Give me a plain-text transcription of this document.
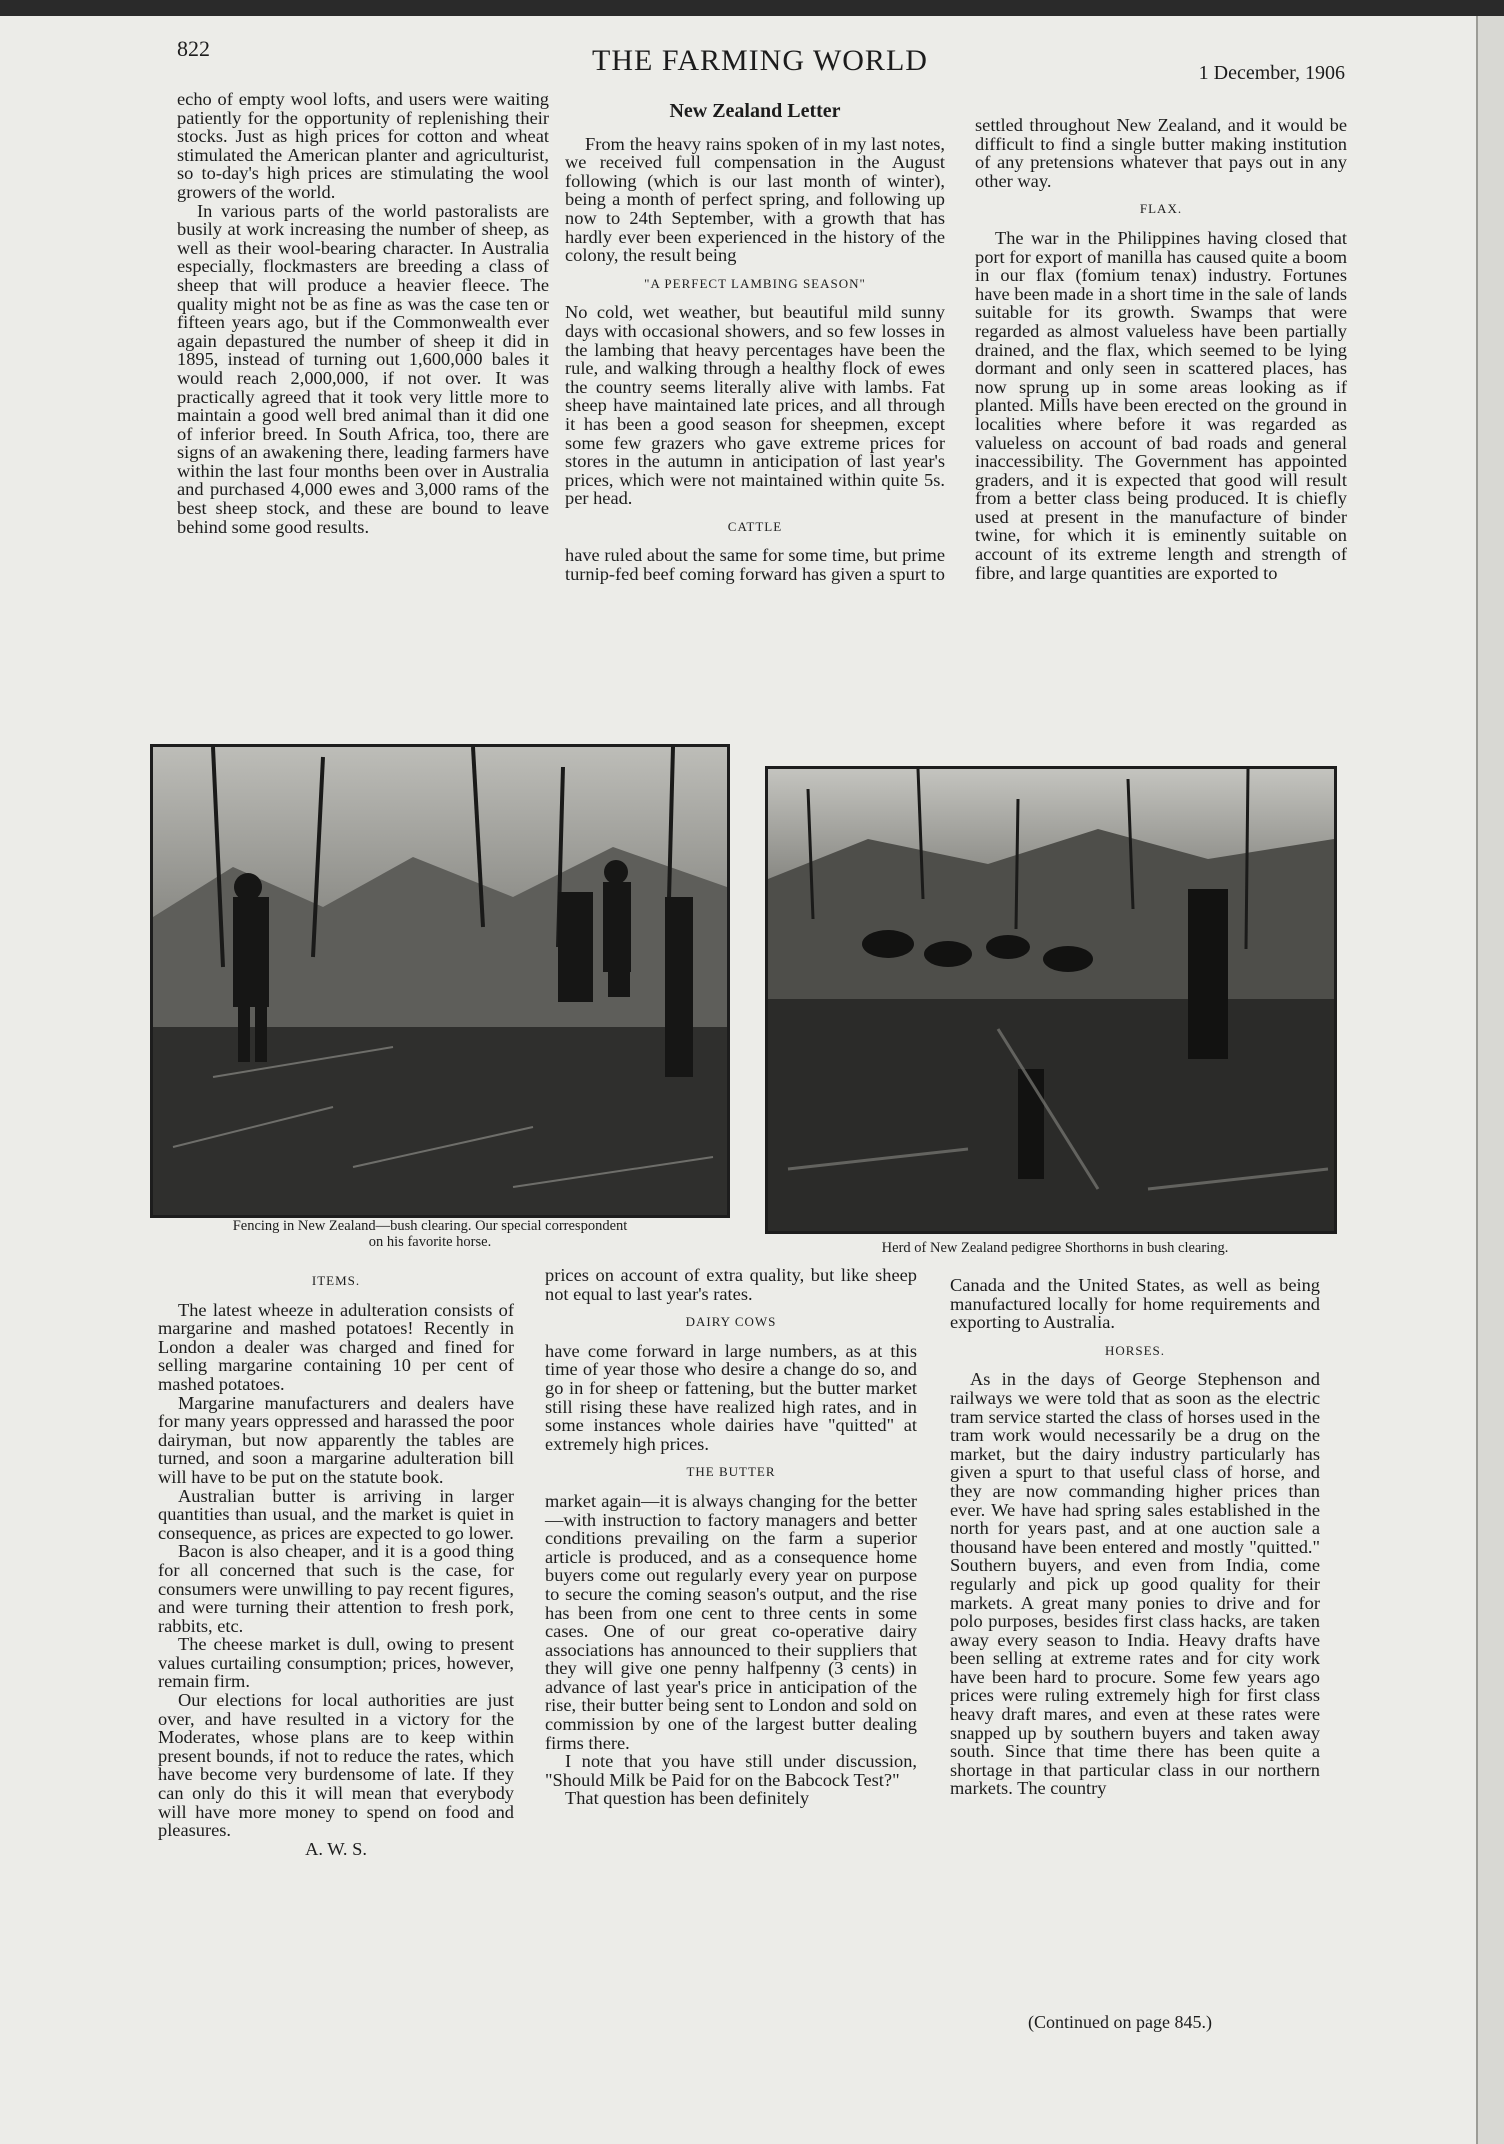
822	THE FARMING WORLD	1 December, 1906

echo of empty wool lofts, and users were waiting patiently for the opportunity of replenishing their stocks. Just as high prices for cotton and wheat stimulated the American planter and agriculturist, so to-day's high prices are stimulating the wool growers of the world.

In various parts of the world pastoralists are busily at work increasing the number of sheep, as well as their wool-bearing character. In Australia especially, flockmasters are breeding a class of sheep that will produce a heavier fleece. The quality might not be as fine as was the case ten or fifteen years ago, but if the Commonwealth ever again depastured the number of sheep it did in 1895, instead of turning out 1,600,000 bales it would reach 2,000,000, if not over. It was practically agreed that it took very little more to maintain a good well bred animal than it did one of inferior breed. In South Africa, too, there are signs of an awakening there, leading farmers have within the last four months been over in Australia and purchased 4,000 ewes and 3,000 rams of the best sheep stock, and these are bound to leave behind some good results.

New Zealand Letter

From the heavy rains spoken of in my last notes, we received full compensation in the August following (which is our last month of winter), being a month of perfect spring, and following up now to 24th September, with a growth that has hardly ever been experienced in the history of the colony, the result being

"A PERFECT LAMBING SEASON"

No cold, wet weather, but beautiful mild sunny days with occasional showers, and so few losses in the lambing that heavy percentages have been the rule, and walking through a healthy flock of ewes the country seems literally alive with lambs. Fat sheep have maintained late prices, and all through it has been a good season for sheepmen, except some few grazers who gave extreme prices for stores in the autumn in anticipation of last year's prices, which were not maintained within quite 5s. per head.

CATTLE

have ruled about the same for some time, but prime turnip-fed beef coming forward has given a spurt to

settled throughout New Zealand, and it would be difficult to find a single butter making institution of any pretensions whatever that pays out in any other way.

FLAX.

The war in the Philippines having closed that port for export of manilla has caused quite a boom in our flax (fomium tenax) industry. Fortunes have been made in a short time in the sale of lands suitable for its growth. Swamps that were regarded as almost valueless have been partially drained, and the flax, which seemed to be lying dormant and only seen in scattered places, has now sprung up in some areas looking as if planted. Mills have been erected on the ground in localities where before it was regarded as valueless on account of bad roads and general inaccessibility. The Government has appointed graders, and it is expected that good will result from a better class being produced. It is chiefly used at present in the manufacture of binder twine, for which it is eminently suitable on account of its extreme length and strength of fibre, and large quantities are exported to

Fencing in New Zealand—bush clearing. Our special correspondent
on his favorite horse.	Herd of New Zealand pedigree Shorthorns in bush clearing.
ITEMS.

The latest wheeze in adulteration consists of margarine and mashed potatoes! Recently in London a dealer was charged and fined for selling margarine containing 10 per cent of mashed potatoes.

Margarine manufacturers and dealers have for many years oppressed and harassed the poor dairyman, but now apparently the tables are turned, and soon a margarine adulteration bill will have to be put on the statute book.

Australian butter is arriving in larger quantities than usual, and the market is quiet in consequence, as prices are expected to go lower.

Bacon is also cheaper, and it is a good thing for all concerned that such is the case, for consumers were unwilling to pay recent figures, and were turning their attention to fresh pork, rabbits, etc.

The cheese market is dull, owing to present values curtailing consumption; prices, however, remain firm.

Our elections for local authorities are just over, and have resulted in a victory for the Moderates, whose plans are to keep within present bounds, if not to reduce the rates, which have become very burdensome of late. If they can only do this it will mean that everybody will have more money to spend on food and pleasures.

A. W. S.

prices on account of extra quality, but like sheep not equal to last year's rates.

DAIRY COWS

have come forward in large numbers, as at this time of year those who desire a change do so, and go in for sheep or fattening, but the butter market still rising these have realized high rates, and in some instances whole dairies have "quitted" at extremely high prices.

THE BUTTER

market again—it is always changing for the better—with instruction to factory managers and better conditions prevailing on the farm a superior article is produced, and as a consequence home buyers come out regularly every year on purpose to secure the coming season's output, and the rise has been from one cent to three cents in some cases. One of our great co-operative dairy associations has announced to their suppliers that they will give one penny halfpenny (3 cents) in advance of last year's price in anticipation of the rise, their butter being sent to London and sold on commission by one of the largest butter dealing firms there.

I note that you have still under discussion, "Should Milk be Paid for on the Babcock Test?"

That question has been definitely

Canada and the United States, as well as being manufactured locally for home requirements and exporting to Australia.

HORSES.

As in the days of George Stephenson and railways we were told that as soon as the electric tram service started the class of horses used in the tram work would necessarily be a drug on the market, but the dairy industry particularly has given a spurt to that useful class of horse, and they are now commanding higher prices than ever. We have had spring sales established in the north for years past, and at one auction sale a thousand have been entered and mostly "quitted." Southern buyers, and even from India, come regularly and pick up good quality for their markets. A great many ponies to drive and for polo purposes, besides first class hacks, are taken away every season to India. Heavy drafts have been selling at extreme rates and for city work have been hard to procure. Some few years ago prices were ruling extremely high for first class heavy draft mares, and even at these rates were snapped up by southern buyers and taken away south. Since that time there has been quite a shortage in that particular class in our northern markets. The country

(Continued on page 845.)
